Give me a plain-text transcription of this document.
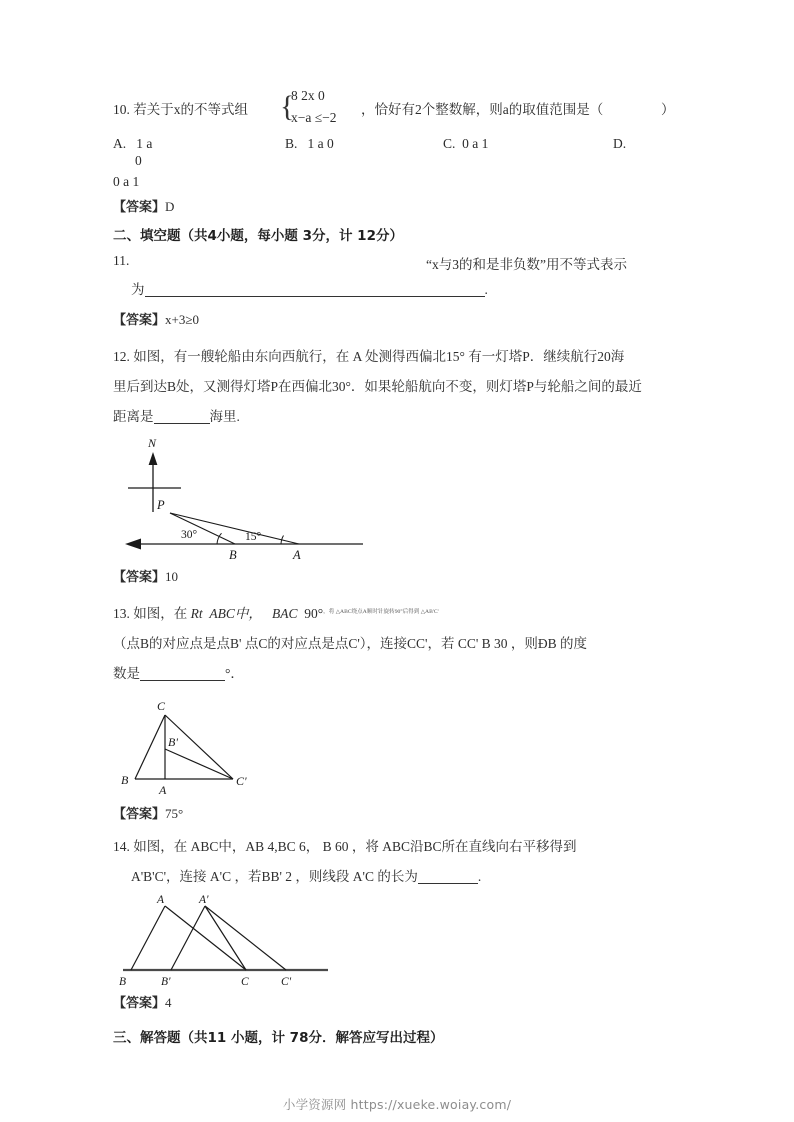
10. 若关于x的不等式组 {
8 2x 0
x−a ≤−2
，恰好有2个整数解，则a的取值范围是（	）
A. 1 a
0
B. 1 a 0	C. 0 a 1	D.
0 a 1
【答案】D
二、填空题（共4小题，每小题 3分，计 12分）
11.	“x与3的和是非负数”用不等式表示
为	.
【答案】x+3≥0
12. 如图，有一艘轮船由东向西航行，在 A 处测得西偏北15° 有一灯塔P．继续航行20海
里后到达B处，又测得灯塔P在西偏北30°．如果轮船航向不变，则灯塔P与轮船之间的最近
距离是	海里.
N
P
30°	15°
B	A
【答案】10
13. 如图，在 Rt ABC中， BAC 90°$^{,将 \triangle ABC绕点A顺时针旋转90^\circ 后得到 \triangle AB'C'}$
（点B的对应点是点B' 点C的对应点是点C'），连接CC'，若 CC' B 30 ，则ÐB 的度
数是	°．
C
B'
B
A
C'
【答案】75°
14. 如图，在 ABC中，AB 4,BC 6， B 60 ，将 ABC沿BC所在直线向右平移得到
A'B'C'，连接 A'C ，若BB' 2 ，则线段 A'C 的长为	.
A	A'
B	B'	C	C'
【答案】4
三、解答题（共11 小题，计 78分．解答应写出过程）
小学资源网 https://xueke.woiay.com/
